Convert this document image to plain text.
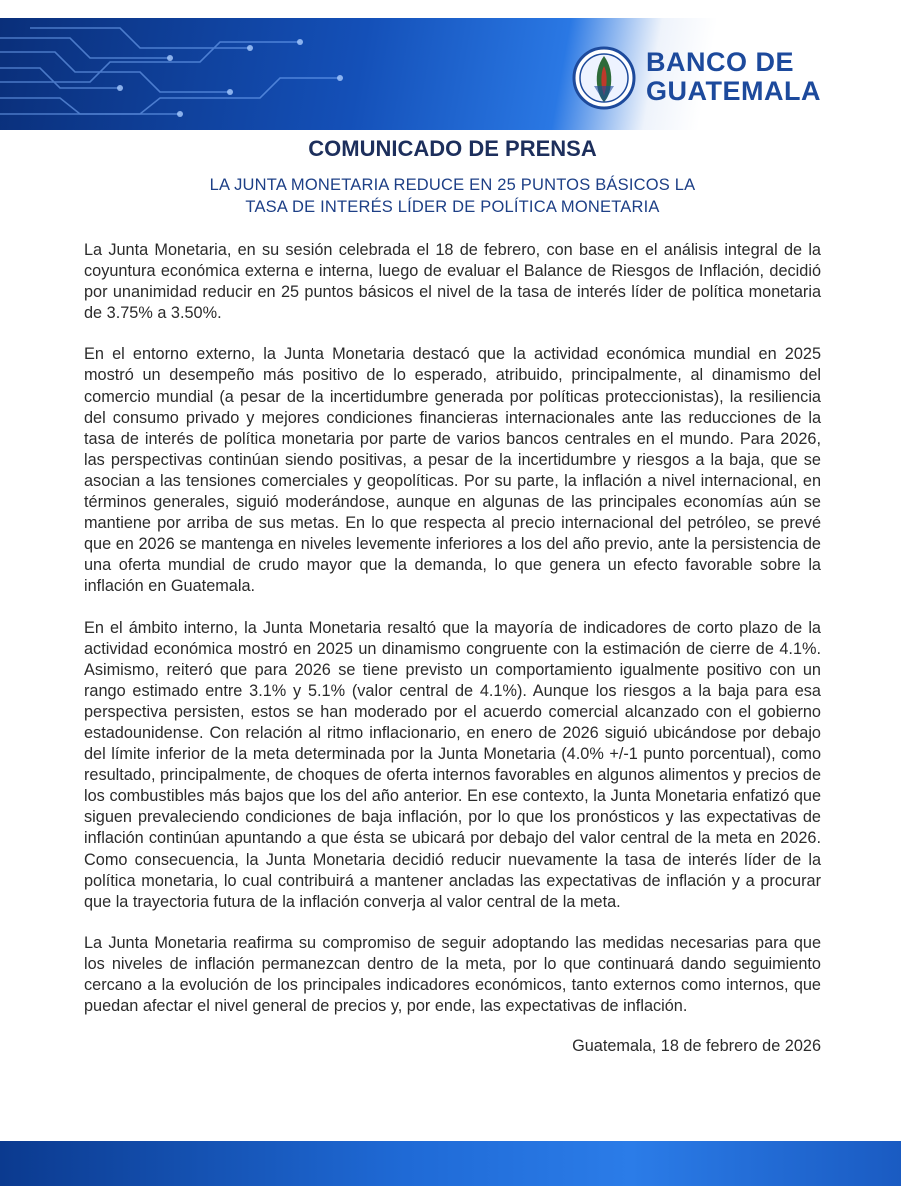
BANCO DE
GUATEMALA
COMUNICADO DE PRENSA
LA JUNTA MONETARIA REDUCE EN 25 PUNTOS BÁSICOS LA
TASA DE INTERÉS LÍDER DE POLÍTICA MONETARIA

La Junta Monetaria, en su sesión celebrada el 18 de febrero, con base en el análisis integral de la coyuntura económica externa e interna, luego de evaluar el Balance de Riesgos de Inflación, decidió por unanimidad reducir en 25 puntos básicos el nivel de la tasa de interés líder de política monetaria de 3.75% a 3.50%.

En el entorno externo, la Junta Monetaria destacó que la actividad económica mundial en 2025 mostró un desempeño más positivo de lo esperado, atribuido, principalmente, al dinamismo del comercio mundial (a pesar de la incertidumbre generada por políticas proteccionistas), la resiliencia del consumo privado y mejores condiciones financieras internacionales ante las reducciones de la tasa de interés de política monetaria por parte de varios bancos centrales en el mundo. Para 2026, las perspectivas continúan siendo positivas, a pesar de la incertidumbre y riesgos a la baja, que se asocian a las tensiones comerciales y geopolíticas. Por su parte, la inflación a nivel internacional, en términos generales, siguió moderándose, aunque en algunas de las principales economías aún se mantiene por arriba de sus metas. En lo que respecta al precio internacional del petróleo, se prevé que en 2026 se mantenga en niveles levemente inferiores a los del año previo, ante la persistencia de una oferta mundial de crudo mayor que la demanda, lo que genera un efecto favorable sobre la inflación en Guatemala.

En el ámbito interno, la Junta Monetaria resaltó que la mayoría de indicadores de corto plazo de la actividad económica mostró en 2025 un dinamismo congruente con la estimación de cierre de 4.1%. Asimismo, reiteró que para 2026 se tiene previsto un comportamiento igualmente positivo con un rango estimado entre 3.1% y 5.1% (valor central de 4.1%). Aunque los riesgos a la baja para esa perspectiva persisten, estos se han moderado por el acuerdo comercial alcanzado con el gobierno estadounidense. Con relación al ritmo inflacionario, en enero de 2026 siguió ubicándose por debajo del límite inferior de la meta determinada por la Junta Monetaria (4.0% +/-1 punto porcentual), como resultado, principalmente, de choques de oferta internos favorables en algunos alimentos y precios de los combustibles más bajos que los del año anterior. En ese contexto, la Junta Monetaria enfatizó que siguen prevaleciendo condiciones de baja inflación, por lo que los pronósticos y las expectativas de inflación continúan apuntando a que ésta se ubicará por debajo del valor central de la meta en 2026. Como consecuencia, la Junta Monetaria decidió reducir nuevamente la tasa de interés líder de la política monetaria, lo cual contribuirá a mantener ancladas las expectativas de inflación y a procurar que la trayectoria futura de la inflación converja al valor central de la meta.

La Junta Monetaria reafirma su compromiso de seguir adoptando las medidas necesarias para que los niveles de inflación permanezcan dentro de la meta, por lo que continuará dando seguimiento cercano a la evolución de los principales indicadores económicos, tanto externos como internos, que puedan afectar el nivel general de precios y, por ende, las expectativas de inflación.

Guatemala, 18 de febrero de 2026
